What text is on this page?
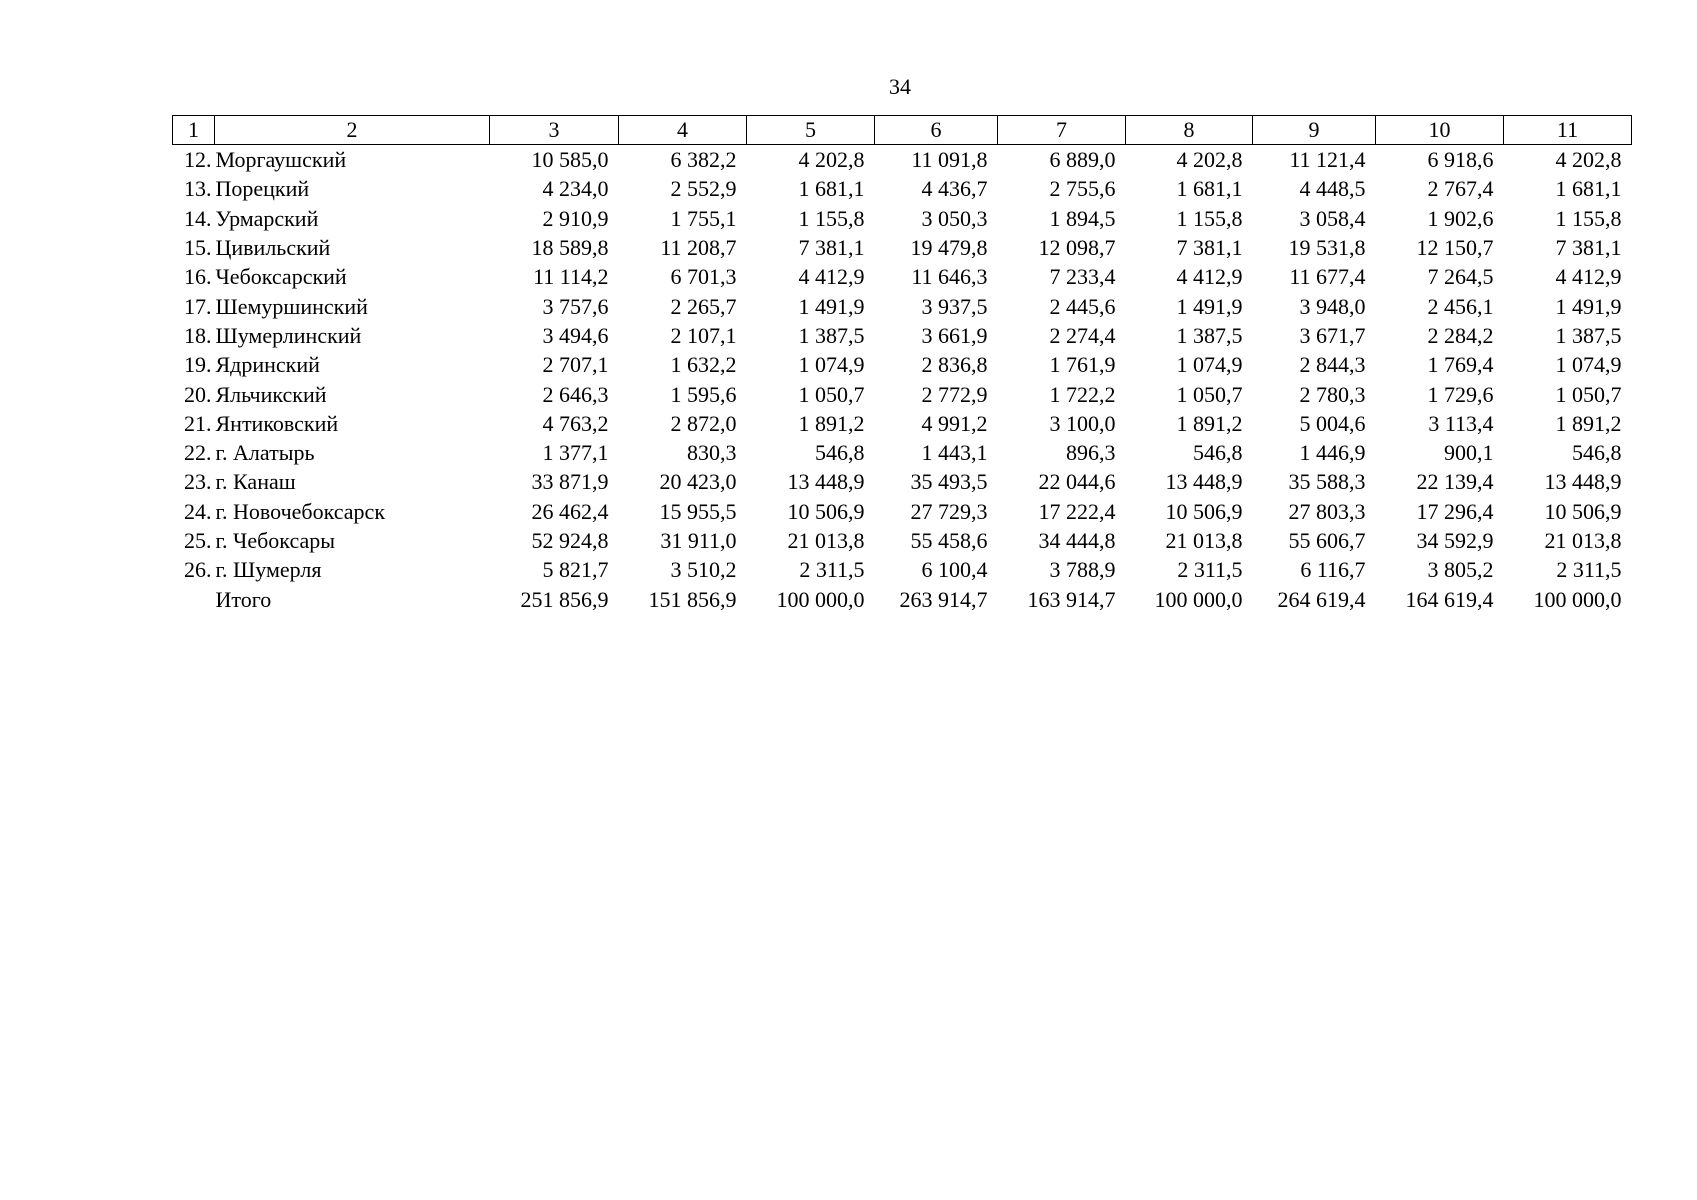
34
1	2	3	4	5	6	7	8	9	10	11
12.	Моргаушский	10 585,0	6 382,2	4 202,8	11 091,8	6 889,0	4 202,8	11 121,4	6 918,6	4 202,8
13.	Порецкий	4 234,0	2 552,9	1 681,1	4 436,7	2 755,6	1 681,1	4 448,5	2 767,4	1 681,1
14.	Урмарский	2 910,9	1 755,1	1 155,8	3 050,3	1 894,5	1 155,8	3 058,4	1 902,6	1 155,8
15.	Цивильский	18 589,8	11 208,7	7 381,1	19 479,8	12 098,7	7 381,1	19 531,8	12 150,7	7 381,1
16.	Чебоксарский	11 114,2	6 701,3	4 412,9	11 646,3	7 233,4	4 412,9	11 677,4	7 264,5	4 412,9
17.	Шемуршинский	3 757,6	2 265,7	1 491,9	3 937,5	2 445,6	1 491,9	3 948,0	2 456,1	1 491,9
18.	Шумерлинский	3 494,6	2 107,1	1 387,5	3 661,9	2 274,4	1 387,5	3 671,7	2 284,2	1 387,5
19.	Ядринский	2 707,1	1 632,2	1 074,9	2 836,8	1 761,9	1 074,9	2 844,3	1 769,4	1 074,9
20.	Яльчикский	2 646,3	1 595,6	1 050,7	2 772,9	1 722,2	1 050,7	2 780,3	1 729,6	1 050,7
21.	Янтиковский	4 763,2	2 872,0	1 891,2	4 991,2	3 100,0	1 891,2	5 004,6	3 113,4	1 891,2
22.	г. Алатырь	1 377,1	830,3	546,8	1 443,1	896,3	546,8	1 446,9	900,1	546,8
23.	г. Канаш	33 871,9	20 423,0	13 448,9	35 493,5	22 044,6	13 448,9	35 588,3	22 139,4	13 448,9
24.	г. Новочебоксарск	26 462,4	15 955,5	10 506,9	27 729,3	17 222,4	10 506,9	27 803,3	17 296,4	10 506,9
25.	г. Чебоксары	52 924,8	31 911,0	21 013,8	55 458,6	34 444,8	21 013,8	55 606,7	34 592,9	21 013,8
26.	г. Шумерля	5 821,7	3 510,2	2 311,5	6 100,4	3 788,9	2 311,5	6 116,7	3 805,2	2 311,5
	Итого	251 856,9	151 856,9	100 000,0	263 914,7	163 914,7	100 000,0	264 619,4	164 619,4	100 000,0
